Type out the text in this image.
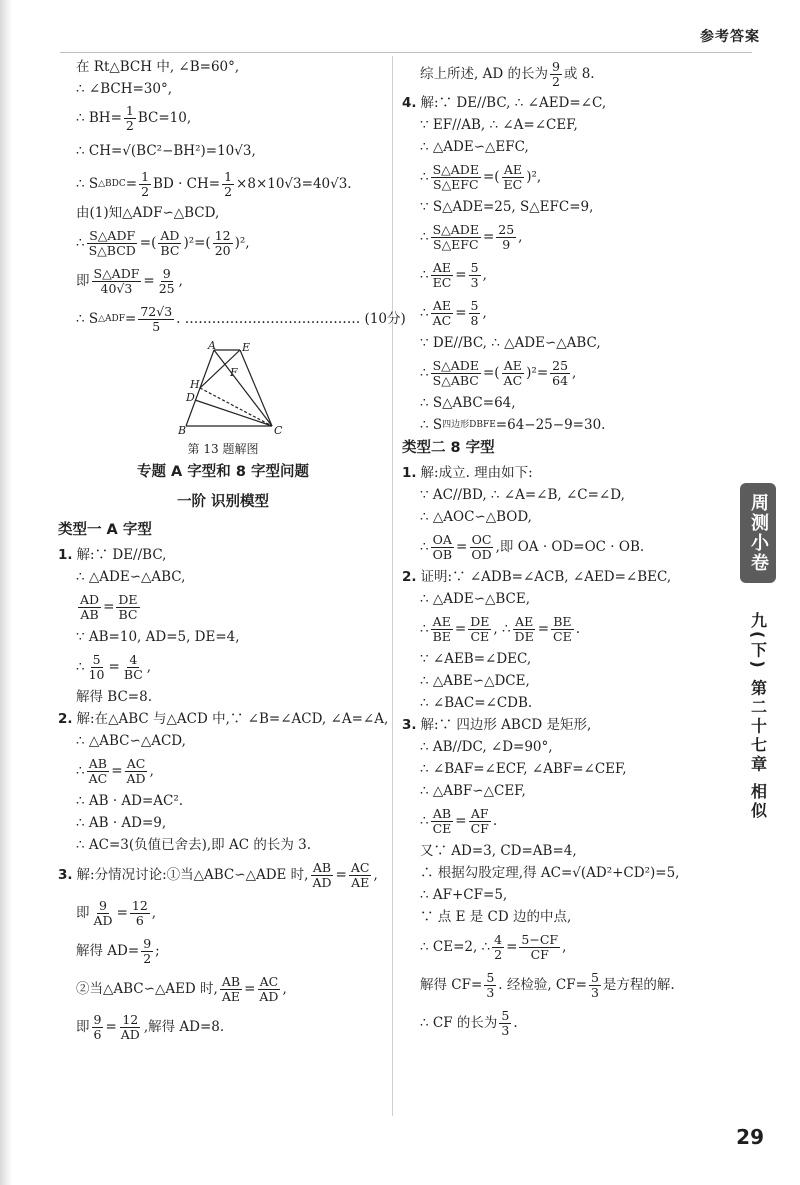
参考答案

在 Rt△BCH 中, ∠B=60°,

∴ ∠BCH=30°,

∴ $BH= \frac{1}{2} BC=10$,

∴ CH=√(BC²−BH²)=10√3,

∴ S △BDC = $\frac{1}{2}$ BD · $CH= \frac{1}{2} \times 8\times 10√3=40√3$.

由(1)知△ADF∽△BCD,

∴ $\frac{\text{S△ADF}}{\text{S△BCD}}$ =( $\frac{AD}{BC} )^2=( \frac{12}{20} )^2$,

即 $\frac{\text{S△ADF}}{40√3} = \frac{9}{25}$ ,

∴ S △ADF = $\frac{72√3}{5}$ . ………………………………… (10分)

A E
H
F
D
B	C

第 13 题解图

专题 A 字型和 8 字型问题

一阶 识别模型

类型一 A 字型

1. 解:∵ DE//BC,

∴ △ADE∽△ABC,

$\frac{AD}{AB} = \frac{DE}{BC}$

∵ AB=10, AD=5, DE=4,

∴ $\frac{5}{10} = \frac{4}{BC}$ ,

解得 BC=8.

2. 解:在△ABC 与△ACD 中,∵ ∠B=∠ACD, ∠A=∠A,

∴ △ABC∽△ACD,

∴ $\frac{AB}{AC} = \frac{AC}{AD}$ ,

∴ AB · AD=AC².

∴ AB · AD=9,

∴ AC=3(负值已舍去),即 AC 的长为 3.

3. 解:分情况讨论:①当△ABC∽△ADE 时, $\frac{AB}{AD} = \frac{AC}{AE}$ ,

即 $\frac{9}{AD} = \frac{12}{6}$ ,

解得 $AD= \frac{9}{2}$ ;

②当△ABC∽△AED 时, $\frac{AB}{AE} = \frac{AC}{AD}$ ,

即 $\frac{9}{6} = \frac{12}{AD}$ ,解得 AD=8.

综上所述, AD 的长为 $\frac{9}{2}$ 或 8.

4. 解:∵ DE//BC, ∴ ∠AED=∠C,

∵ EF//AB, ∴ ∠A=∠CEF,

∴ △ADE∽△EFC,

∴ $\frac{\text{S△ADE}}{\text{S△EFC}}$ =( $\frac{AE}{EC} )^2$,

∵ S△ADE=25, S△EFC=9,

∴ $\frac{\text{S△ADE}}{\text{S△EFC}} = \frac{25}{9}$ ,

∴ $\frac{AE}{EC} = \frac{5}{3}$ ,

∴ $\frac{AE}{AC} = \frac{5}{8}$ ,

∵ DE//BC, ∴ △ADE∽△ABC,

∴ $\frac{\text{S△ADE}}{\text{S△ABC}}$ =( $\frac{AE}{AC} )^2= \frac{25}{64}$ ,

∴ S△ABC=64,

∴ S 四边形DBFE =64−25−9=30.

类型二 8 字型

1. 解:成立. 理由如下:

∵ AC//BD, ∴ ∠A=∠B, ∠C=∠D,

∴ △AOC∽△BOD,

∴ $\frac{OA}{OB} = \frac{OC}{OD}$ ,即 OA · OD=OC · OB.

2. 证明:∵ ∠ADB=∠ACB, ∠AED=∠BEC,

∴ △ADE∽△BCE,

∴ $\frac{AE}{BE} = \frac{DE}{CE}$ , ∴ $\frac{AE}{DE} = \frac{BE}{CE}$ .

∵ ∠AEB=∠DEC,

∴ △ABE∽△DCE,

∴ ∠BAC=∠CDB.

3. 解:∵ 四边形 ABCD 是矩形,

∴ AB//DC, ∠D=90°,

∴ ∠BAF=∠ECF, ∠ABF=∠CEF,

∴ △ABF∽△CEF,

∴ $\frac{AB}{CE} = \frac{AF}{CF}$ .

又∵ AD=3, CD=AB=4,

∴ 根据勾股定理,得 AC=√(AD²+CD²)=5,

∴ AF+CF=5,

∵ 点 E 是 CD 边的中点,

∴ CE=2, ∴ $\frac{4}{2} = \frac{5-CF}{CF}$ ,

解得 $CF= \frac{5}{3}$ . 经检验, $CF= \frac{5}{3}$ 是方程的解.

∴ CF 的长为 $\frac{5}{3}$ .

周测小卷
九(下) 第二十七章 相似
29
